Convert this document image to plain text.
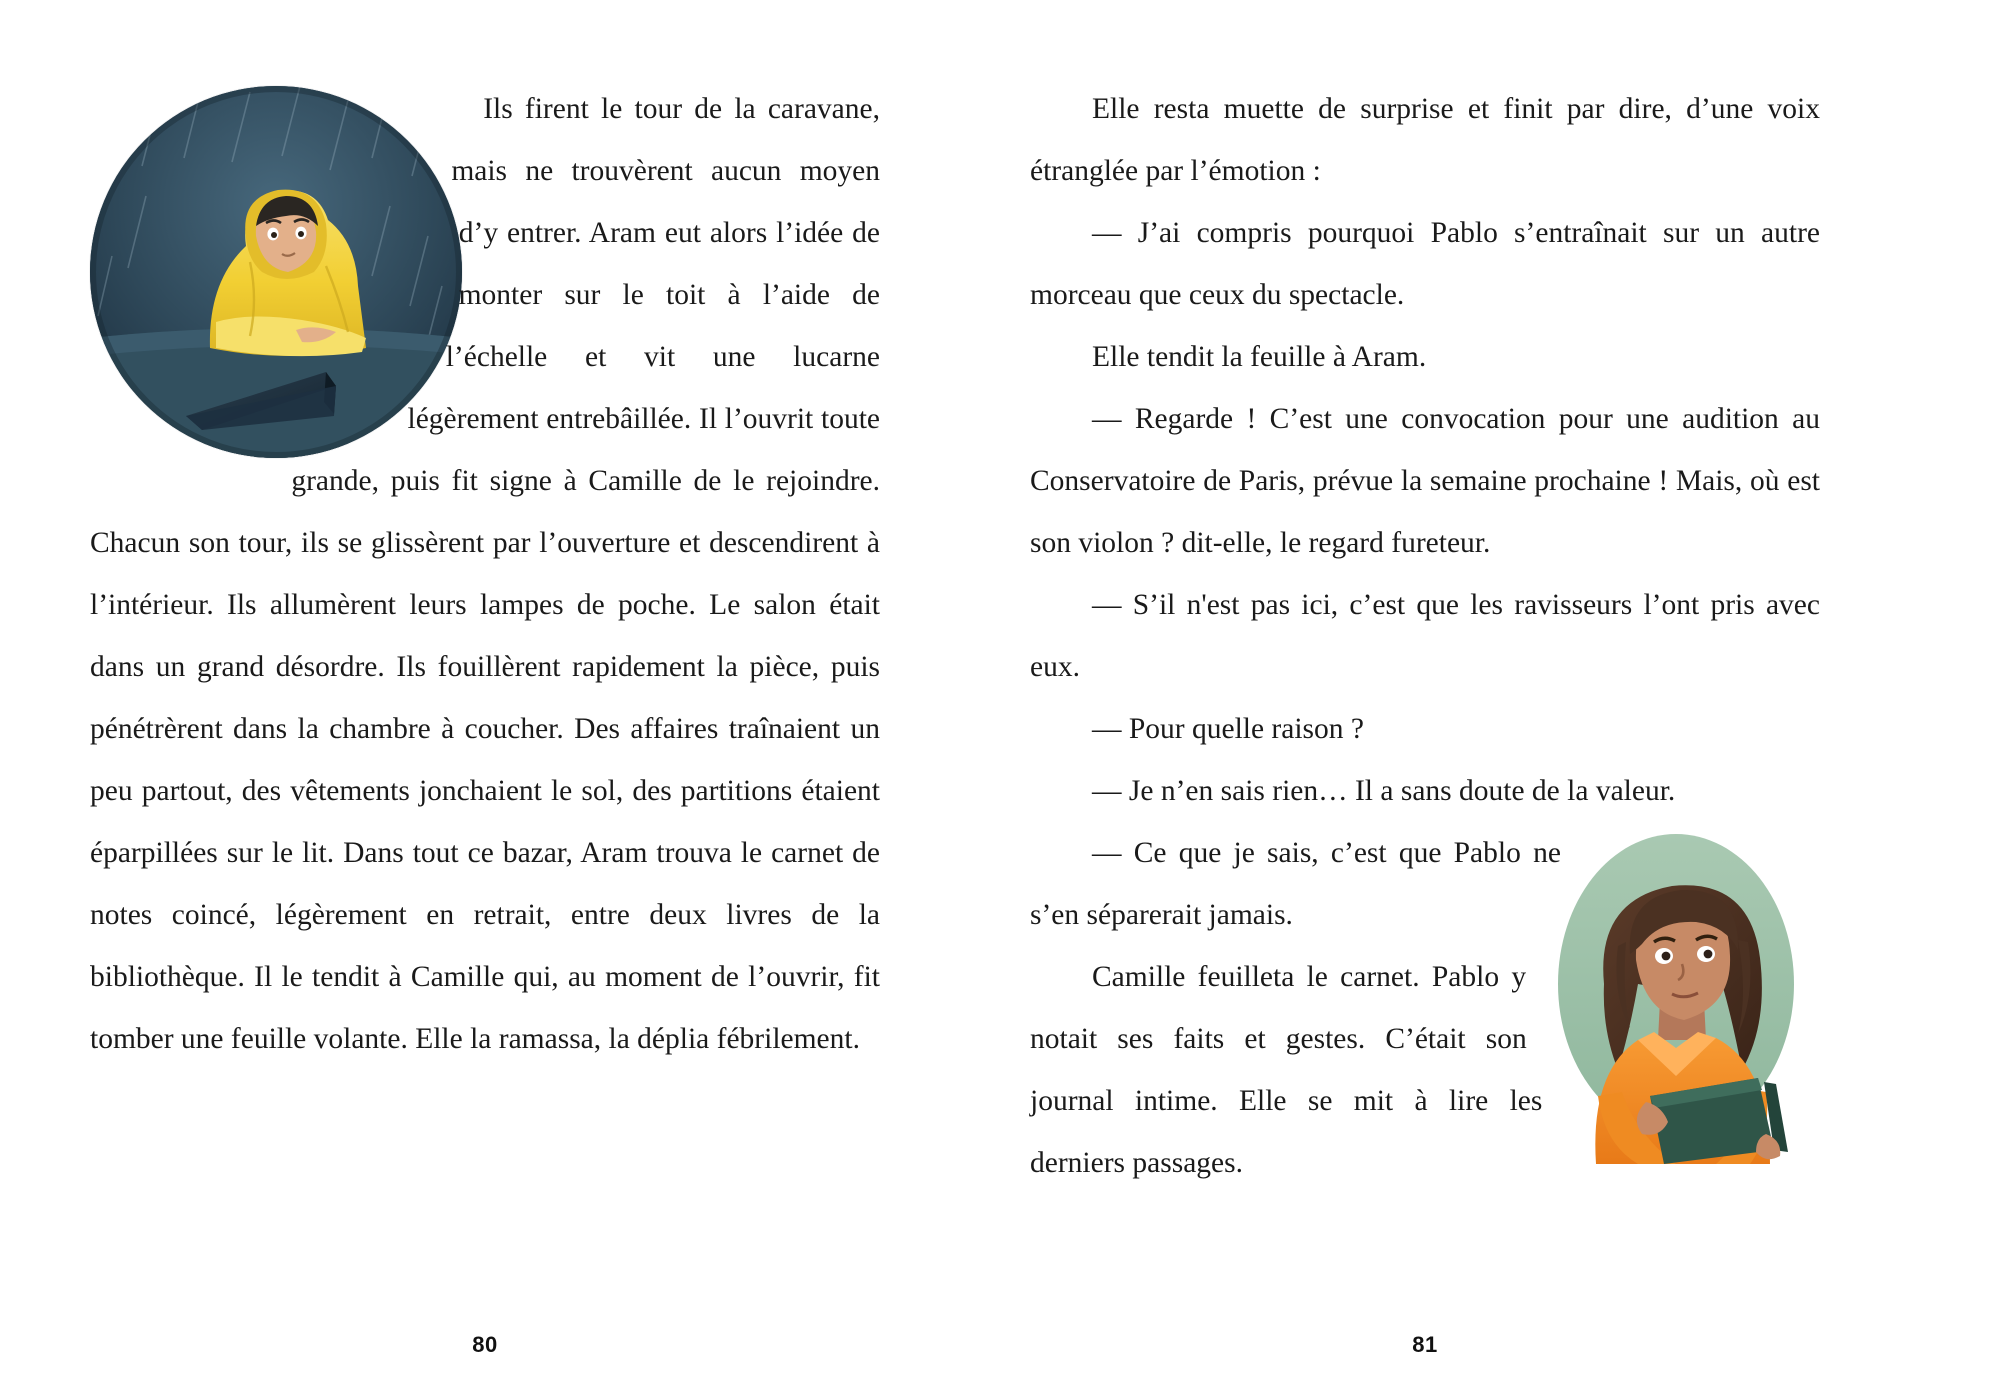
Ils firent le tour de la caravane, mais ne trouvèrent aucun moyen d’y entrer. Aram eut alors l’idée de monter sur le toit à l’aide de l’échelle et vit une lucarne légèrement entrebâillée. Il l’ouvrit toute grande, puis fit signe à Camille de le rejoindre. Chacun son tour, ils se glissèrent par l’ouverture et descendirent à l’intérieur. Ils allumèrent leurs lampes de poche. Le salon était dans un grand désordre. Ils fouillèrent rapidement la pièce, puis pénétrèrent dans la chambre à coucher. Des affaires traînaient un peu partout, des vêtements jonchaient le sol, des partitions étaient éparpillées sur le lit. Dans tout ce bazar, Aram trouva le carnet de notes coincé, légèrement en retrait, entre deux livres de la bibliothèque. Il le tendit à Camille qui, au moment de l’ouvrir, fit tomber une feuille volante. Elle la ramassa, la déplia fébrilement.

80

Elle resta muette de surprise et finit par dire, d’une voix étranglée par l’émotion :

— J’ai compris pourquoi Pablo s’entraînait sur un autre morceau que ceux du spectacle.

Elle tendit la feuille à Aram.

— Regarde ! C’est une convocation pour une audition au Conservatoire de Paris, prévue la semaine prochaine ! Mais, où est son violon ? dit-elle, le regard fureteur.

— S’il n'est pas ici, c’est que les ravisseurs l’ont pris avec eux.

— Pour quelle raison ?

— Je n’en sais rien… Il a sans doute de la valeur.

— Ce que je sais, c’est que Pablo ne s’en séparerait jamais.

Camille feuilleta le carnet. Pablo y notait ses faits et gestes. C’était son journal intime. Elle se mit à lire les derniers passages.

81
